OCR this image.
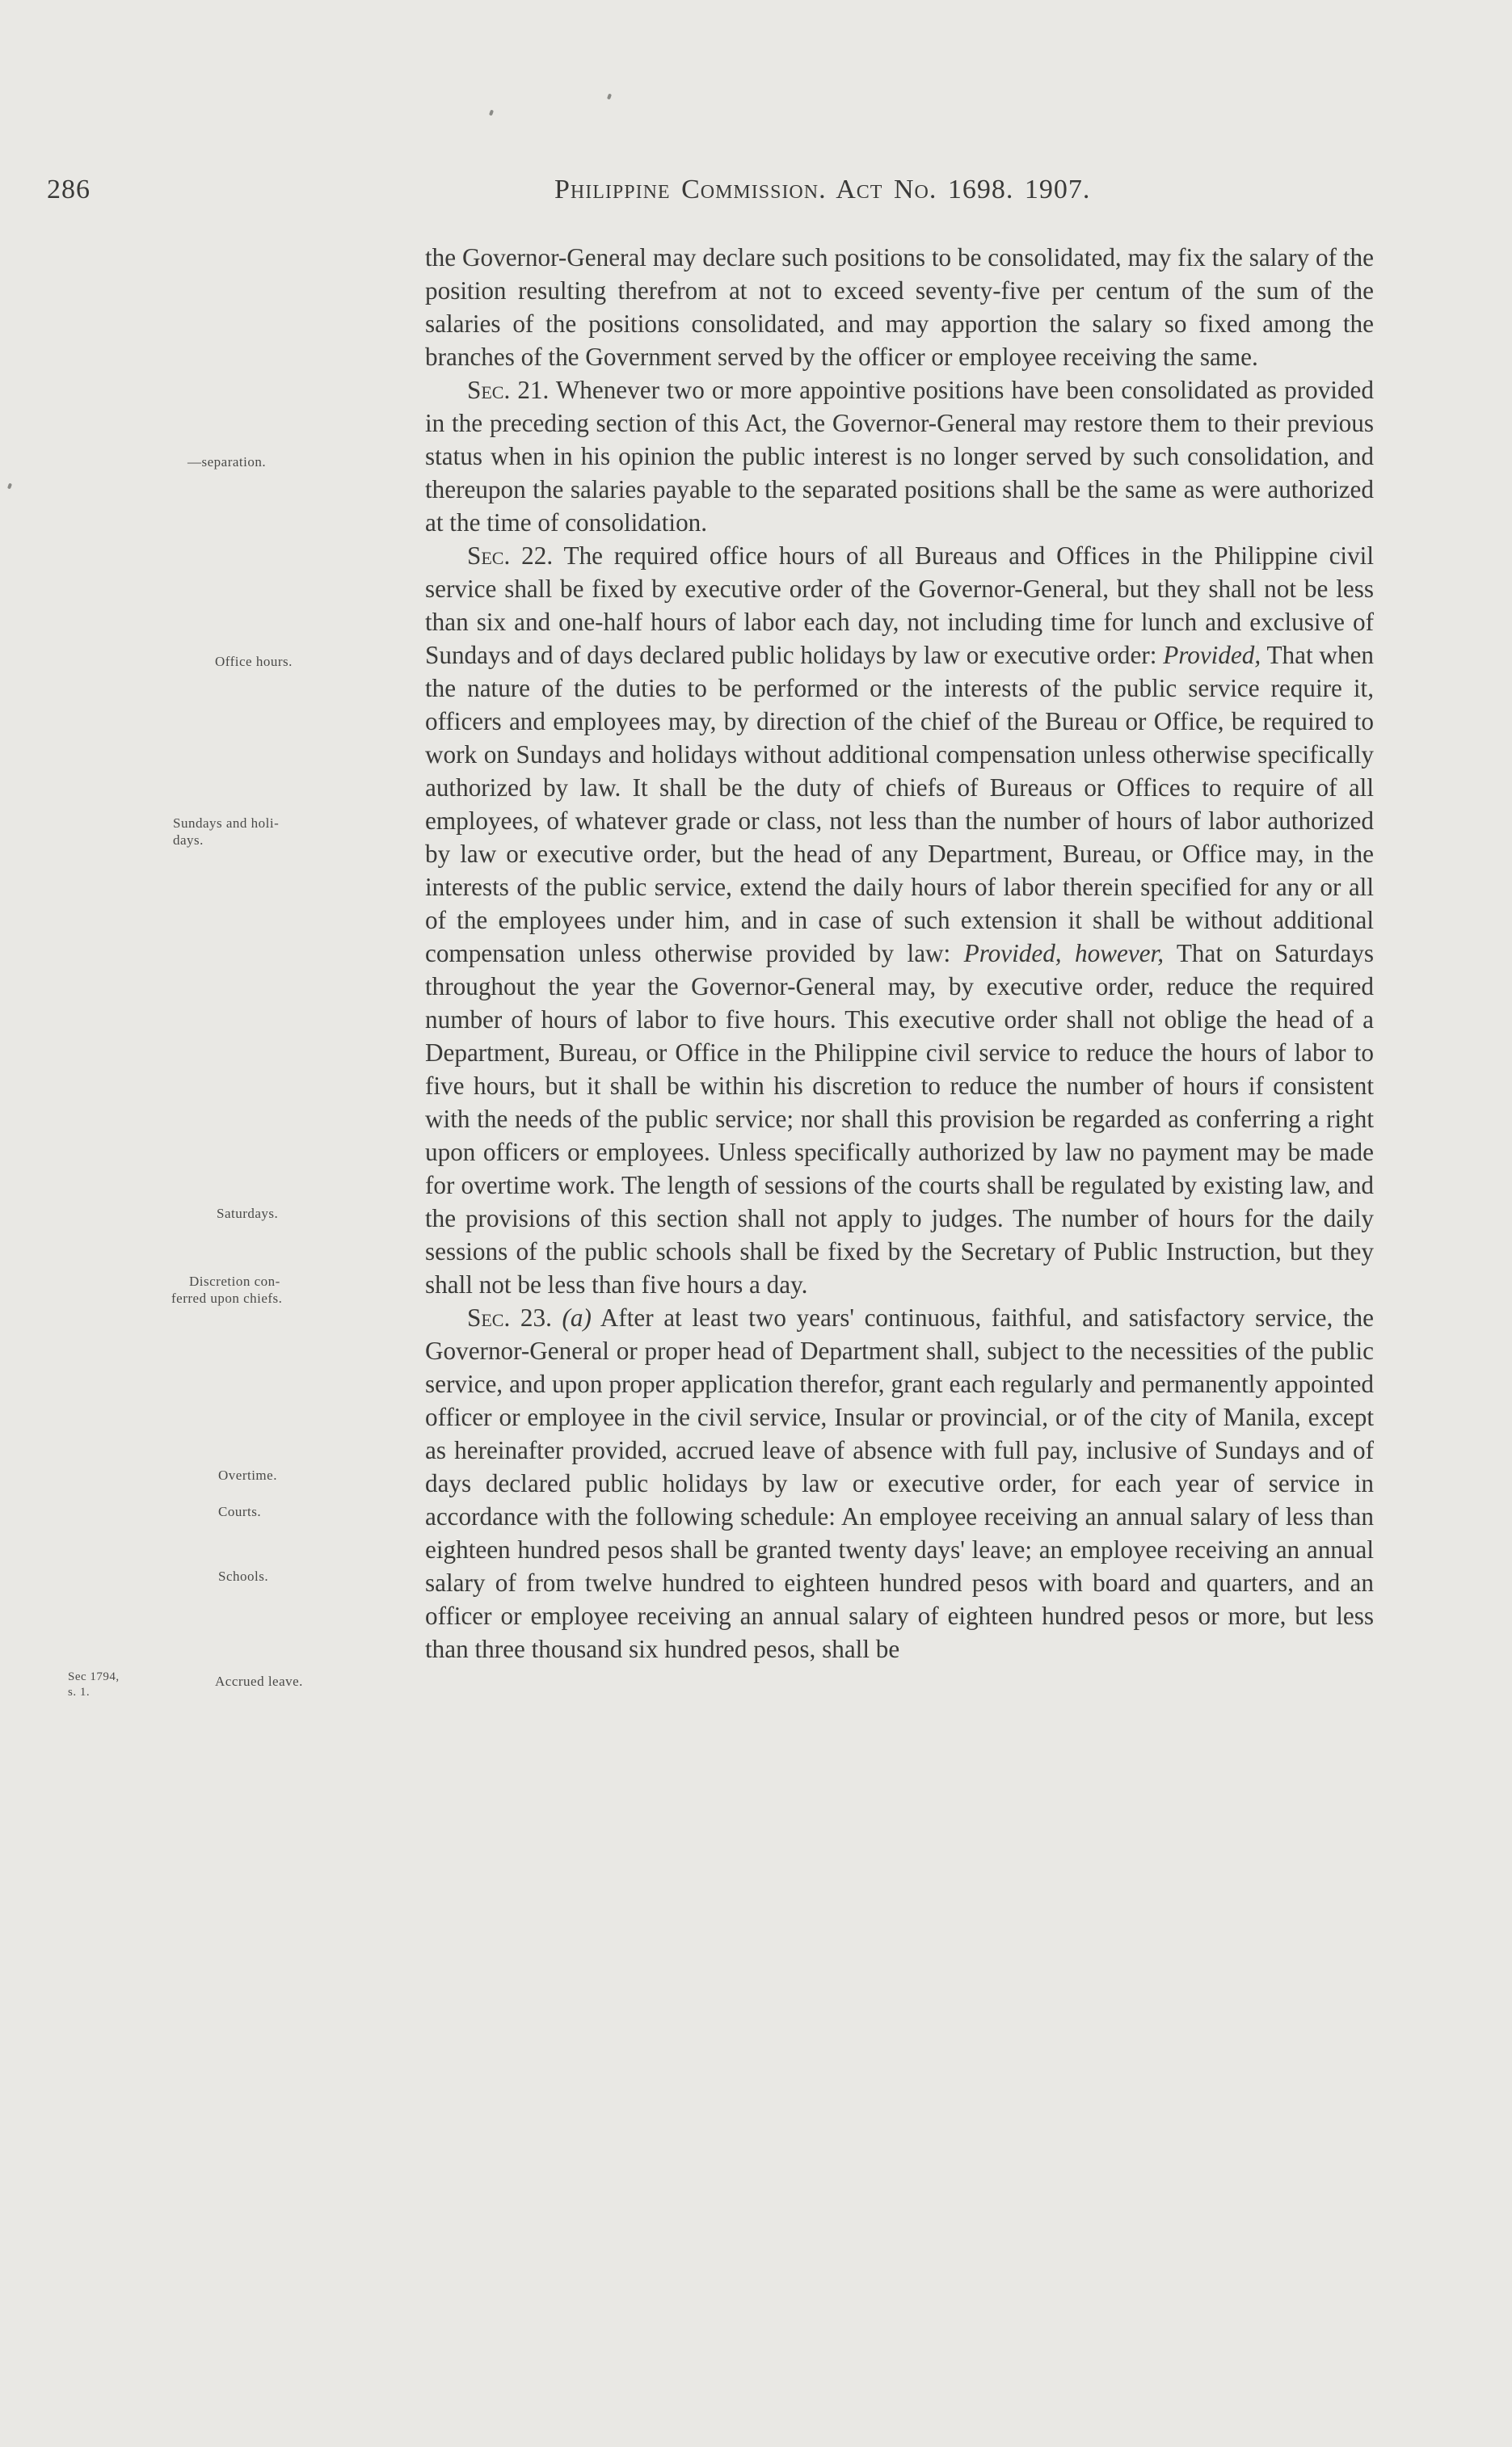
286	Philippine Commission. Act No. 1698. 1907.
—separation.
Office hours.
Sundays and holi-
days.
Saturdays.
Discretion con-
ferred upon chiefs.
Overtime.
Courts.
Schools.
Sec 1794,
s. 1.
Accrued leave.

the Governor-General may declare such positions to be consolidated, may fix the salary of the position resulting therefrom at not to exceed seventy-five per centum of the sum of the salaries of the positions consolidated, and may apportion the salary so fixed among the branches of the Government served by the officer or employee receiving the same.

Sec. 21. Whenever two or more appointive positions have been consolidated as provided in the preceding section of this Act, the Governor-General may restore them to their previous status when in his opinion the public interest is no longer served by such consolidation, and thereupon the salaries payable to the separated positions shall be the same as were authorized at the time of consolidation.

Sec. 22. The required office hours of all Bureaus and Offices in the Philippine civil service shall be fixed by executive order of the Governor-General, but they shall not be less than six and one-half hours of labor each day, not including time for lunch and exclusive of Sundays and of days declared public holidays by law or executive order: Provided, That when the nature of the duties to be performed or the interests of the public service require it, officers and employees may, by direction of the chief of the Bureau or Office, be required to work on Sundays and holidays without additional compensation unless otherwise specifically authorized by law. It shall be the duty of chiefs of Bureaus or Offices to require of all employees, of whatever grade or class, not less than the number of hours of labor authorized by law or executive order, but the head of any Department, Bureau, or Office may, in the interests of the public service, extend the daily hours of labor therein specified for any or all of the employees under him, and in case of such extension it shall be without additional compensation unless otherwise provided by law: Provided, however, That on Saturdays throughout the year the Governor-General may, by executive order, reduce the required number of hours of labor to five hours. This executive order shall not oblige the head of a Department, Bureau, or Office in the Philippine civil service to reduce the hours of labor to five hours, but it shall be within his discretion to reduce the number of hours if consistent with the needs of the public service; nor shall this provision be regarded as conferring a right upon officers or employees. Unless specifically authorized by law no payment may be made for overtime work. The length of sessions of the courts shall be regulated by existing law, and the provisions of this section shall not apply to judges. The number of hours for the daily sessions of the public schools shall be fixed by the Secretary of Public Instruction, but they shall not be less than five hours a day.

Sec. 23. (a) After at least two years' continuous, faithful, and satisfactory service, the Governor-General or proper head of Department shall, subject to the necessities of the public service, and upon proper application therefor, grant each regularly and permanently appointed officer or employee in the civil service, Insular or provincial, or of the city of Manila, except as hereinafter provided, accrued leave of absence with full pay, inclusive of Sundays and of days declared public holidays by law or executive order, for each year of service in accordance with the following schedule: An employee receiving an annual salary of less than eighteen hundred pesos shall be granted twenty days' leave; an employee receiving an annual salary of from twelve hundred to eighteen hundred pesos with board and quarters, and an officer or employee receiving an annual salary of eighteen hundred pesos or more, but less than three thousand six hundred pesos, shall be
